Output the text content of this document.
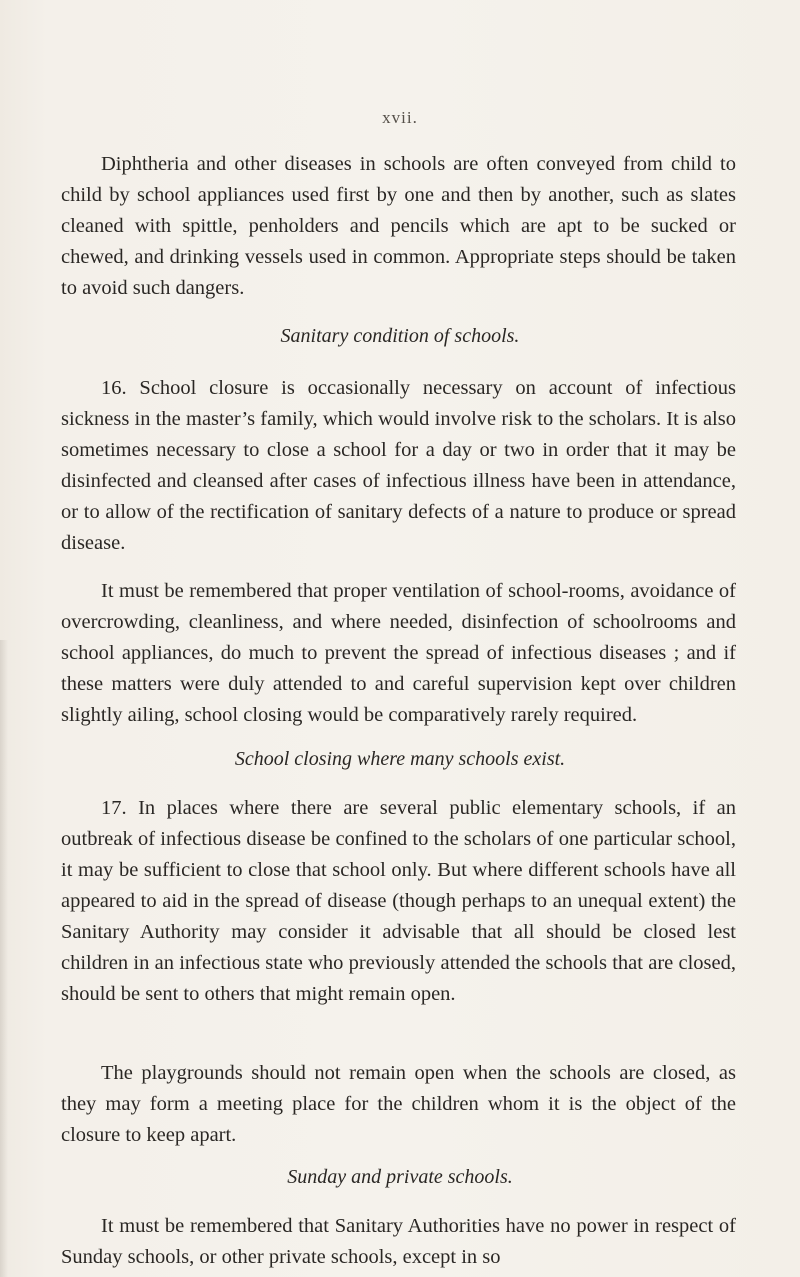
xvii.

Diphtheria and other diseases in schools are often conveyed from child to child by school appliances used first by one and then by another, such as slates cleaned with spittle, penholders and pencils which are apt to be sucked or chewed, and drinking vessels used in common. Appropriate steps should be taken to avoid such dangers.

Sanitary condition of schools.

16. School closure is occasionally necessary on account of infectious sickness in the master’s family, which would involve risk to the scholars. It is also sometimes necessary to close a school for a day or two in order that it may be disinfected and cleansed after cases of infectious illness have been in attendance, or to allow of the rectification of sanitary defects of a nature to produce or spread disease.

It must be remembered that proper ventilation of school-rooms, avoidance of overcrowding, cleanliness, and where needed, disinfection of schoolrooms and school appliances, do much to prevent the spread of infectious diseases ; and if these matters were duly attended to and careful supervision kept over children slightly ailing, school closing would be comparatively rarely required.

School closing where many schools exist.

17. In places where there are several public elementary schools, if an outbreak of infectious disease be confined to the scholars of one particular school, it may be sufficient to close that school only. But where different schools have all appeared to aid in the spread of disease (though perhaps to an unequal extent) the Sanitary Authority may consider it advisable that all should be closed lest children in an infectious state who previously attended the schools that are closed, should be sent to others that might remain open.

The playgrounds should not remain open when the schools are closed, as they may form a meeting place for the children whom it is the object of the closure to keep apart.

Sunday and private schools.

It must be remembered that Sanitary Authorities have no power in respect of Sunday schools, or other private schools, except in so
